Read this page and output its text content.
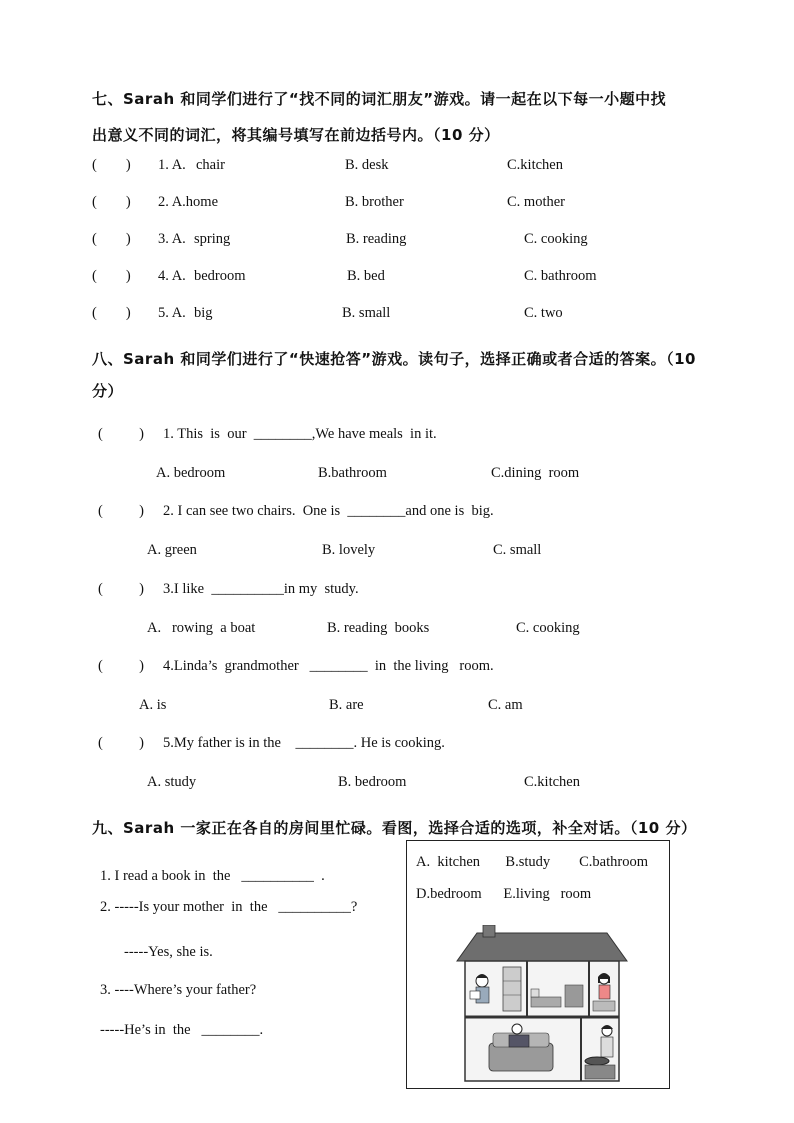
七、Sarah 和同学们进行了“找不同的词汇朋友”游戏。请一起在以下每一小题中找
出意义不同的词汇，将其编号填写在前边括号内。（10 分）
(        ) 1. A. chair	B. desk	C.kitchen
(        ) 2. A.home	B. brother	C. mother
(        ) 3. A. spring	B. reading	C. cooking
(        ) 4. A. bedroom	B. bed	C. bathroom
(        ) 5. A. big	B. small	C. two
八、Sarah 和同学们进行了“快速抢答”游戏。读句子，选择正确或者合适的答案。（10
分）
(          ) 1. This  is  our  ________,We have meals  in it.
A. bedroom	B.bathroom	C.dining  room
(          ) 2. I can see two chairs.  One is  ________and one is  big.
A. green	B. lovely	C. small
(          ) 3.I like  __________in my  study.
A.   rowing  a boat	B. reading  books	C. cooking
(          ) 4.Linda’s  grandmother   ________  in  the living   room.
A. is	B. are	C. am
(          ) 5.My father is in the    ________. He is cooking.
A. study	B. bedroom	C.kitchen
九、Sarah 一家正在各自的房间里忙碌。看图，选择合适的选项，补全对话。（10 分）
1. I read a book in  the   __________  .
2. -----Is your mother  in  the   __________?
-----Yes, she is.
3. ----Where’s your father?
-----He’s in  the   ________.
A.  kitchen       B.study        C.bathroom
D.bedroom      E.living   room
